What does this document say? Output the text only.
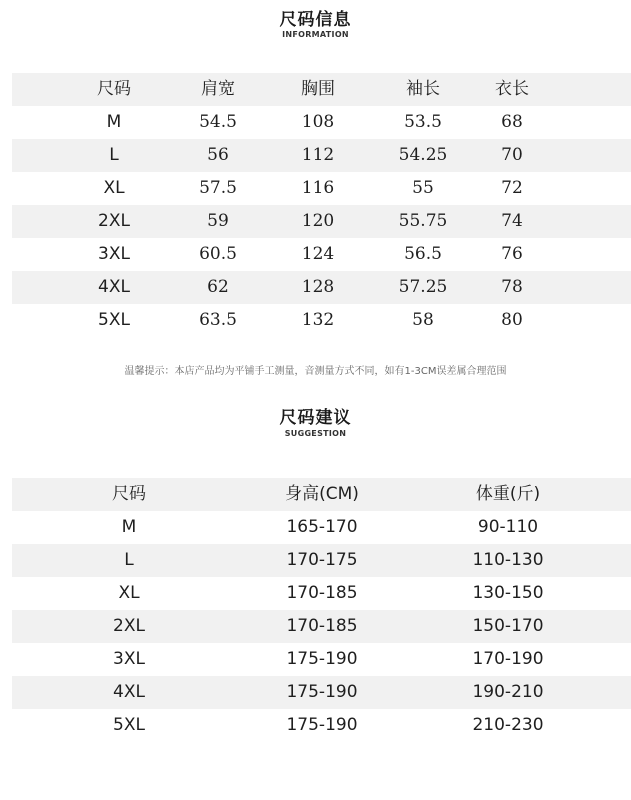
尺码信息
INFORMATION
尺码	肩宽	胸围	袖长	衣长
M	54.5	108	53.5	68
L	56	112	54.25	70
XL	57.5	116	55	72
2XL	59	120	55.75	74
3XL	60.5	124	56.5	76
4XL	62	128	57.25	78
5XL	63.5	132	58	80
温馨提示：本店产品均为平铺手工测量，音测量方式不同，如有1-3CM误差属合理范围
尺码建议
SUGGESTION
尺码	身高(CM)	体重(斤)
M	165-170	90-110
L	170-175	110-130
XL	170-185	130-150
2XL	170-185	150-170
3XL	175-190	170-190
4XL	175-190	190-210
5XL	175-190	210-230
